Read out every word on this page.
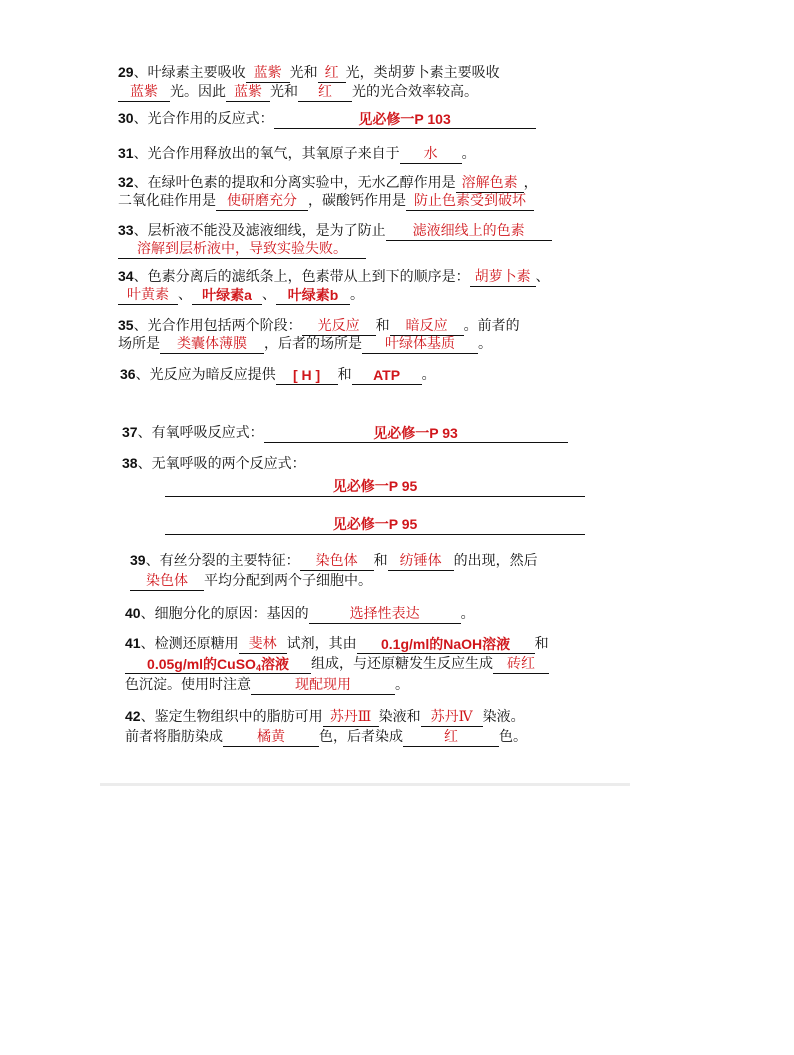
29、叶绿素主要吸收 蓝紫 光和 红 光，类胡萝卜素主要吸收
蓝紫 光。因此 蓝紫 光和 红 光的光合效率较高。
30、光合作用的反应式：	见必修一P 103
31、光合作用释放出的氧气，其氧原子来自于 水 。
32、在绿叶色素的提取和分离实验中，无水乙醇作用是 溶解色素 ，
二氧化硅作用是 使研磨充分 ，碳酸钙作用是 防止色素受到破坏
33、层析液不能没及滤液细线，是为了防止 滤液细线上的色素
溶解到层析液中，导致实验失败。
34、色素分离后的滤纸条上，色素带从上到下的顺序是： 胡萝卜素 、
叶黄素 、 叶绿素a 、 叶绿素b 。
35、光合作用包括两个阶段： 光反应 和 暗反应 。前者的
场所是 类囊体薄膜 ，后者的场所是 叶绿体基质 。
36、光反应为暗反应提供 [ H ] 和 ATP 。
37、有氧呼吸反应式：	见必修一P 93
38、无氧呼吸的两个反应式：
见必修一P 95
见必修一P 95
39、有丝分裂的主要特征： 染色体 和 纺锤体 的出现，然后
染色体 平均分配到两个子细胞中。
40、细胞分化的原因：基因的	选择性表达	。
41、检测还原糖用 斐林 试剂，其由 0.1g/ml的NaOH溶液 和
0.05g/ml的CuSO$_4$溶液 组成，与还原糖发生反应生成 砖红
色沉淀。使用时注意	现配现用	。
42、鉴定生物组织中的脂肪可用 苏丹Ⅲ 染液和 苏丹Ⅳ 染液。
前者将脂肪染成 橘黄 色，后者染成	红	色。
